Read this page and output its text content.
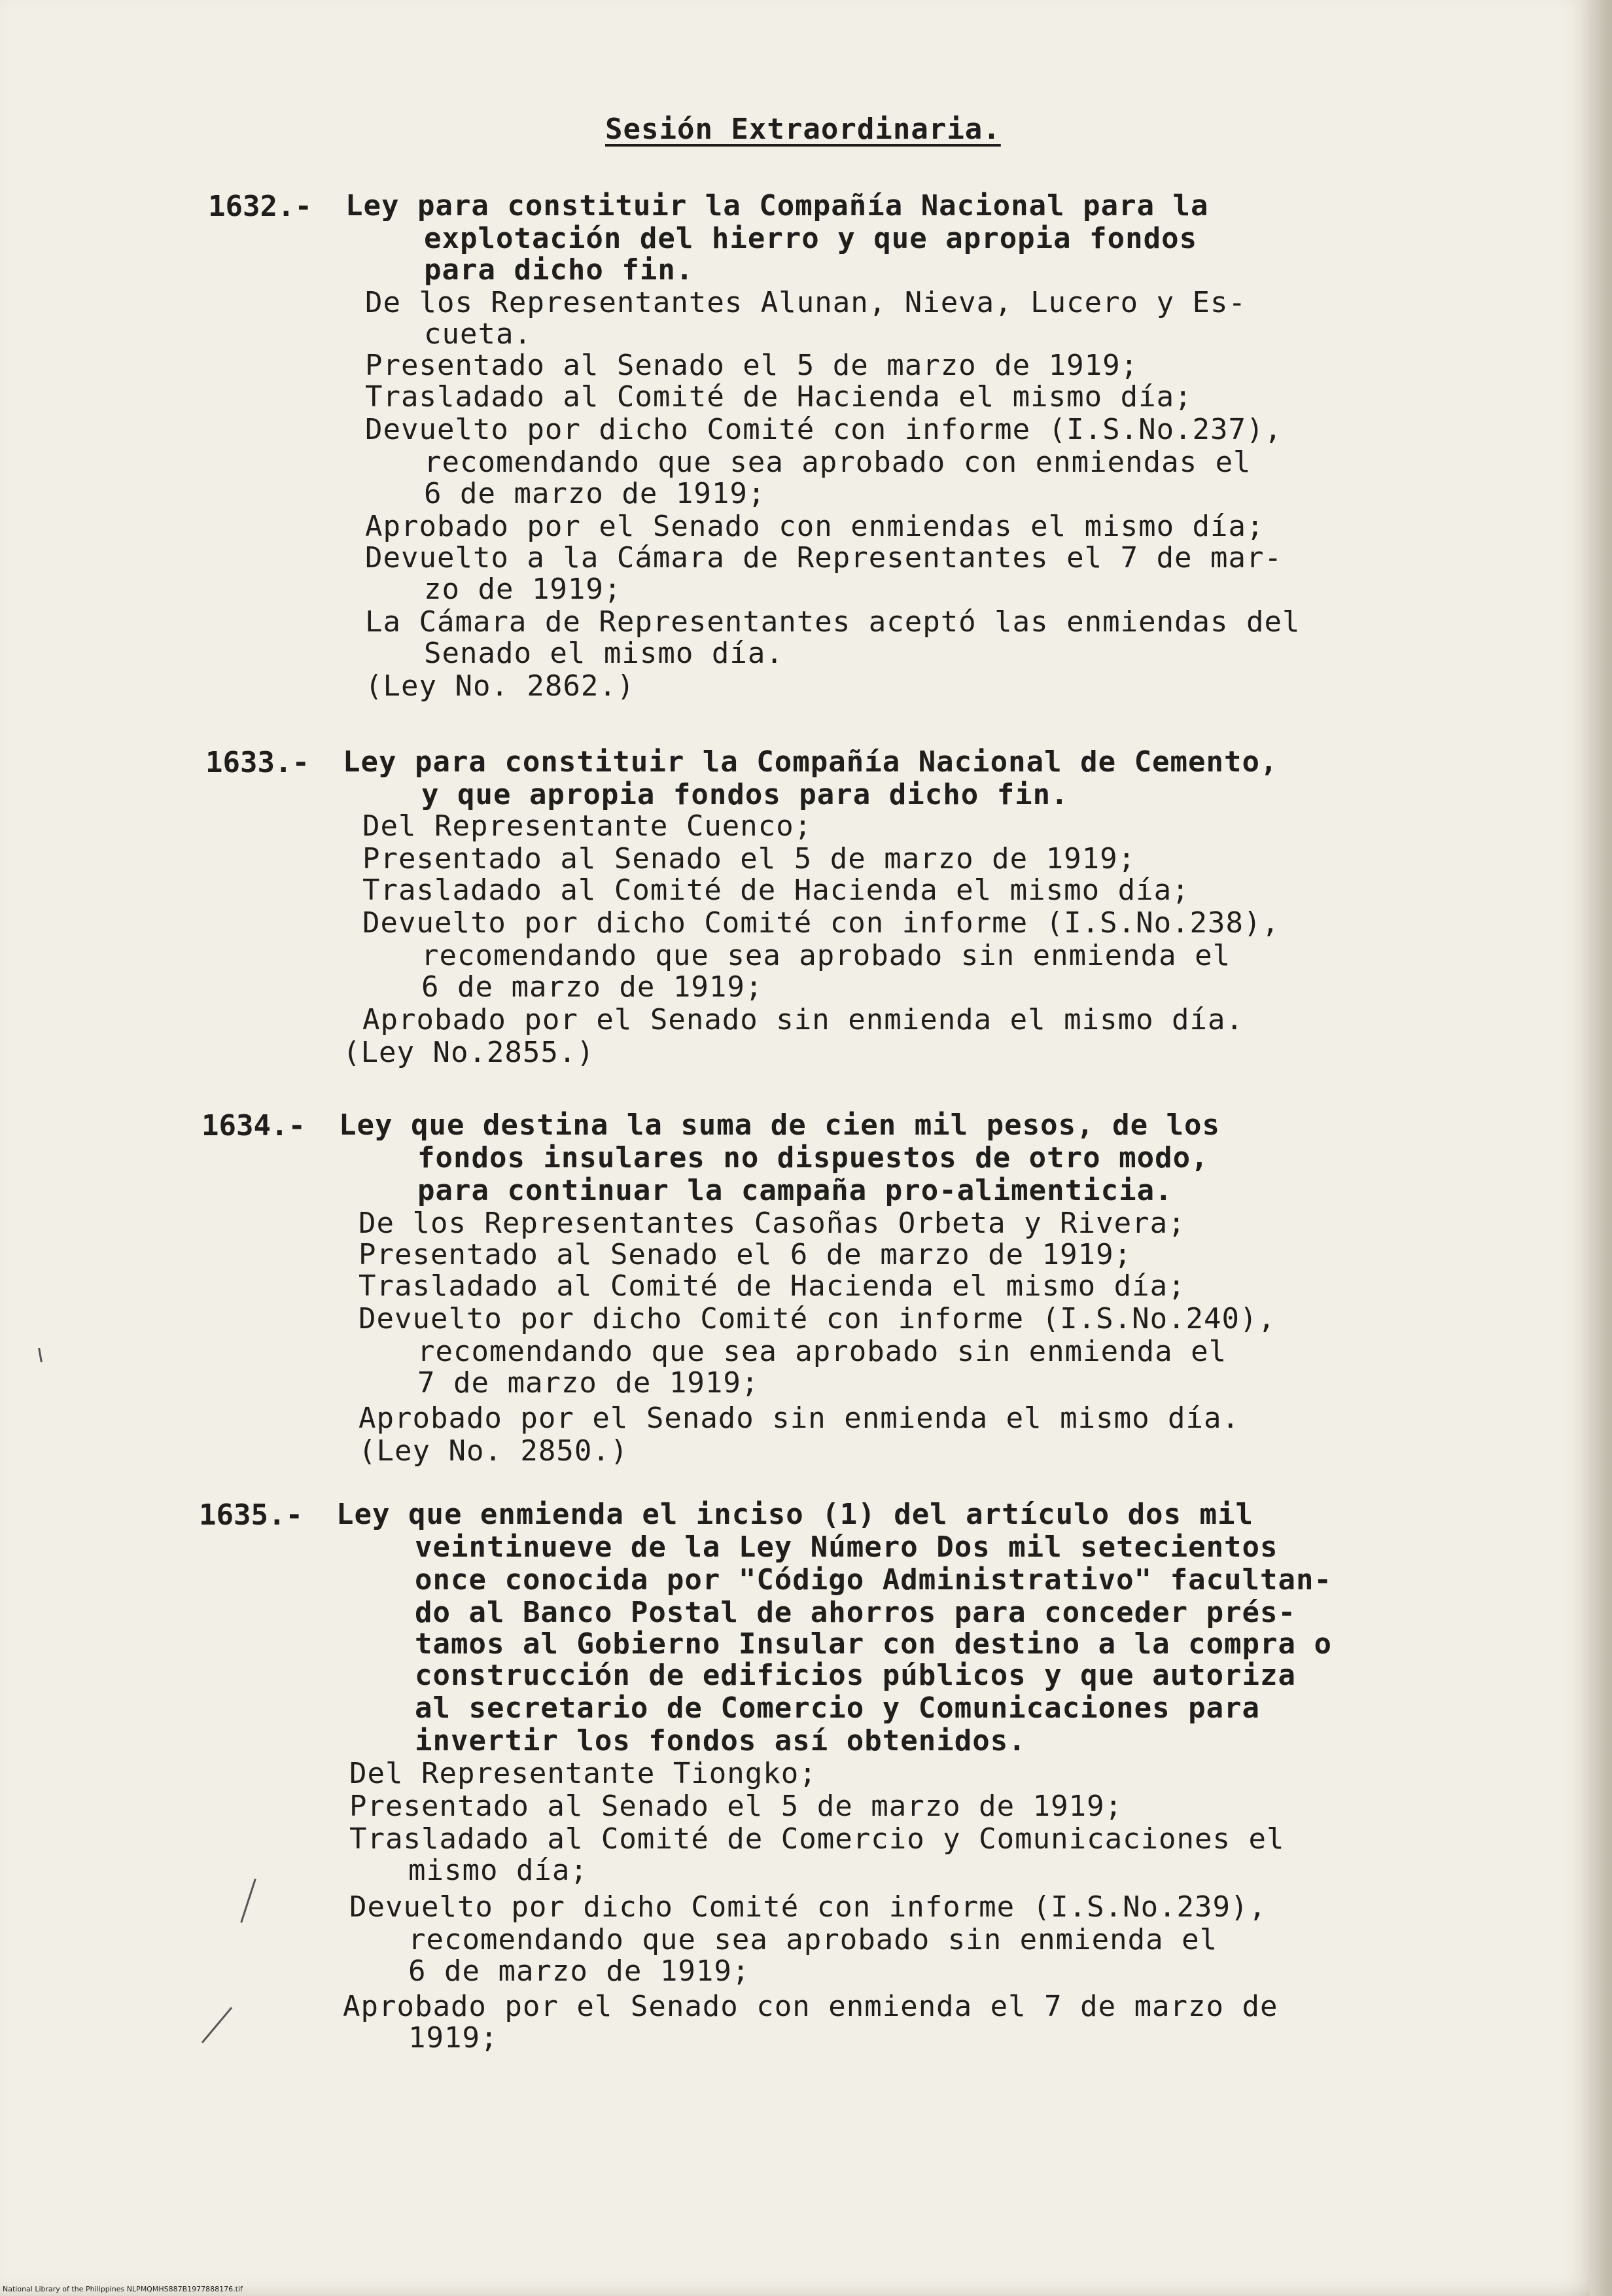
Sesión Extraordinaria.
1632.- Ley para constituir la Compañía Nacional para la
explotación del hierro y que apropia fondos
para dicho fin.
De los Representantes Alunan, Nieva, Lucero y Es-
cueta.
Presentado al Senado el 5 de marzo de 1919;
Trasladado al Comité de Hacienda el mismo día;
Devuelto por dicho Comité con informe (I.S.No.237),
recomendando que sea aprobado con enmiendas el
6 de marzo de 1919;
Aprobado por el Senado con enmiendas el mismo día;
Devuelto a la Cámara de Representantes el 7 de mar-
zo de 1919;
La Cámara de Representantes aceptó las enmiendas del
Senado el mismo día.
(Ley No. 2862.)
1633.- Ley para constituir la Compañía Nacional de Cemento,
y que apropia fondos para dicho fin.
Del Representante Cuenco;
Presentado al Senado el 5 de marzo de 1919;
Trasladado al Comité de Hacienda el mismo día;
Devuelto por dicho Comité con informe (I.S.No.238),
recomendando que sea aprobado sin enmienda el
6 de marzo de 1919;
Aprobado por el Senado sin enmienda el mismo día.
(Ley No.2855.)
1634.- Ley que destina la suma de cien mil pesos, de los
fondos insulares no dispuestos de otro modo,
para continuar la campaña pro-alimenticia.
De los Representantes Casoñas Orbeta y Rivera;
Presentado al Senado el 6 de marzo de 1919;
Trasladado al Comité de Hacienda el mismo día;
Devuelto por dicho Comité con informe (I.S.No.240),
recomendando que sea aprobado sin enmienda el
7 de marzo de 1919;
Aprobado por el Senado sin enmienda el mismo día.
(Ley No. 2850.)
1635.- Ley que enmienda el inciso (1) del artículo dos mil
veintinueve de la Ley Número Dos mil setecientos
once conocida por "Código Administrativo" facultan-
do al Banco Postal de ahorros para conceder prés-
tamos al Gobierno Insular con destino a la compra o
construcción de edificios públicos y que autoriza
al secretario de Comercio y Comunicaciones para
invertir los fondos así obtenidos.
Del Representante Tiongko;
Presentado al Senado el 5 de marzo de 1919;
Trasladado al Comité de Comercio y Comunicaciones el
mismo día;
Devuelto por dicho Comité con informe (I.S.No.239),
recomendando que sea aprobado sin enmienda el
6 de marzo de 1919;
Aprobado por el Senado con enmienda el 7 de marzo de
1919;
National Library of the Philippines NLPMQMHS887B1977888176.tif
